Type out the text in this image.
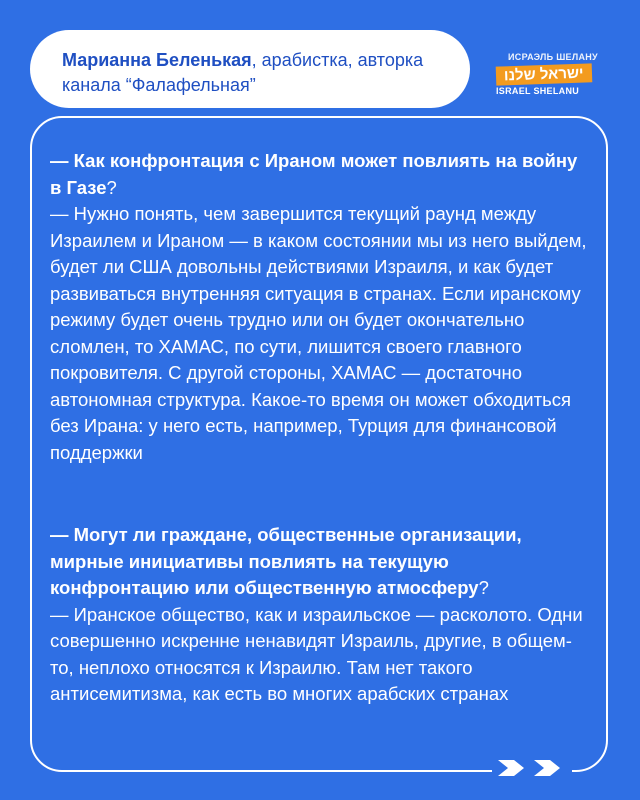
Марианна Беленькая, арабистка, авторка
канала “Фалафельная”
ИСРАЭЛЬ ШЕЛАНУ
ישראל שלנו
ISRAEL SHELANU

— Как конфронтация с Ираном может повлиять на войну в Газе?

— Нужно понять, чем завершится текущий раунд между Израилем и Ираном — в каком состоянии мы из него выйдем, будет ли США довольны действиями Израиля, и как будет развиваться внутренняя ситуация в странах. Если иранскому режиму будет очень трудно или он будет окончательно сломлен, то ХАМАС, по сути, лишится своего главного покровителя. С другой стороны, ХАМАС — достаточно автономная структура. Какое-то время он может обходиться без Ирана: у него есть, например, Турция для финансовой поддержки

— Могут ли граждане, общественные организации, мирные инициативы повлиять на текущую конфронтацию или общественную атмосферу?

— Иранское общество, как и израильское — расколото. Одни совершенно искренне ненавидят Израиль, другие, в общем-то, неплохо относятся к Израилю. Там нет такого антисемитизма, как есть во многих арабских странах
